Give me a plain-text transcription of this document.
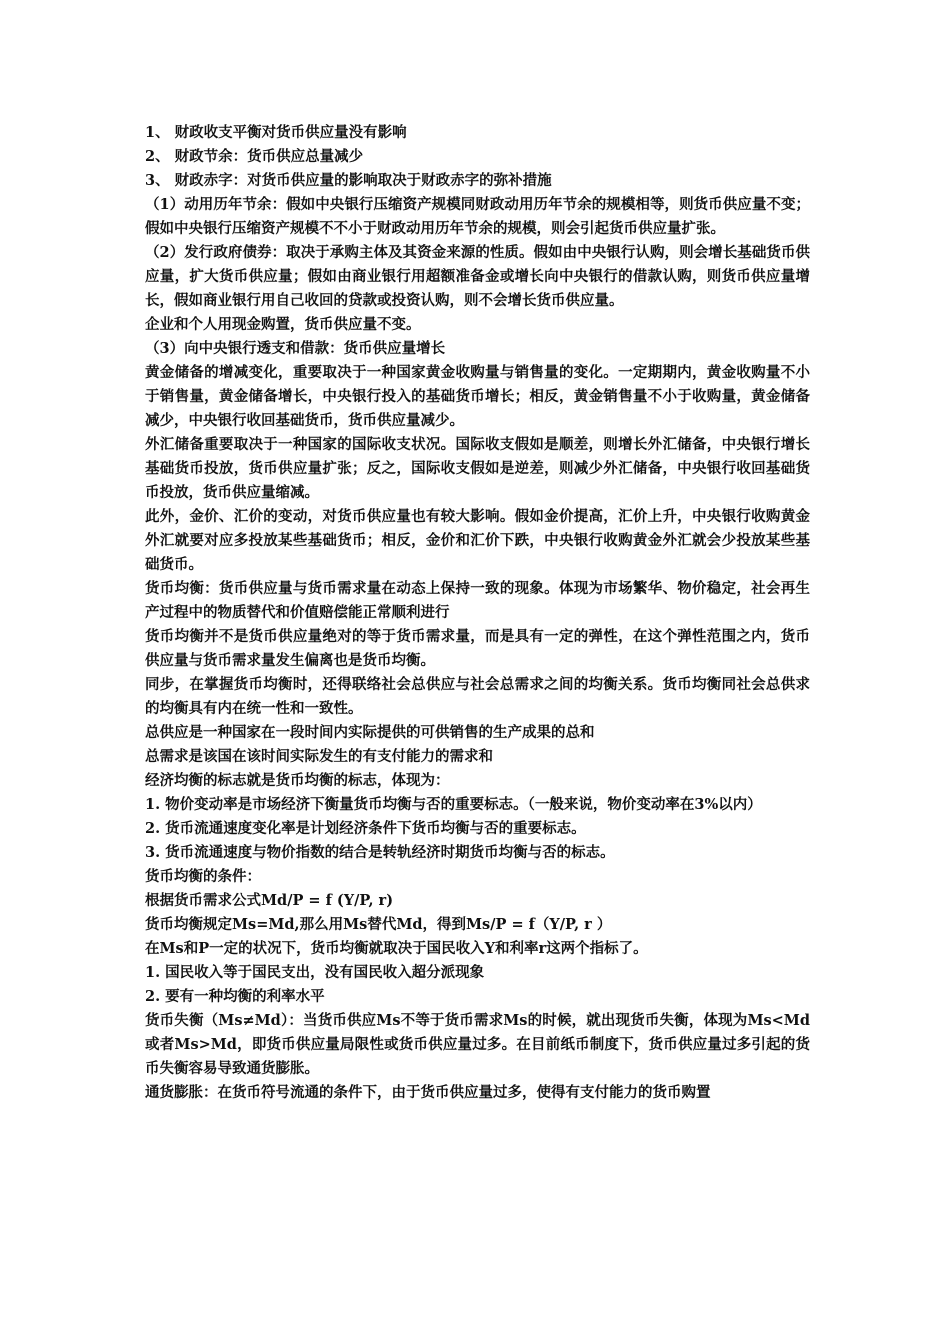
1、 财政收支平衡对货币供应量没有影响

2、 财政节余：货币供应总量减少

3、 财政赤字：对货币供应量的影响取决于财政赤字的弥补措施

（1）动用历年节余：假如中央银行压缩资产规模同财政动用历年节余的规模相等，则货币供应量不变；假如中央银行压缩资产规模不不小于财政动用历年节余的规模，则会引起货币供应量扩张。

（2）发行政府债券：取决于承购主体及其资金来源的性质。假如由中央银行认购，则会增长基础货币供应量，扩大货币供应量；假如由商业银行用超额准备金或增长向中央银行的借款认购，则货币供应量增长，假如商业银行用自己收回的贷款或投资认购，则不会增长货币供应量。

企业和个人用现金购置，货币供应量不变。

（3）向中央银行透支和借款：货币供应量增长

黄金储备的增减变化，重要取决于一种国家黄金收购量与销售量的变化。一定期期内，黄金收购量不小于销售量，黄金储备增长，中央银行投入的基础货币增长；相反，黄金销售量不小于收购量，黄金储备减少，中央银行收回基础货币，货币供应量减少。

外汇储备重要取决于一种国家的国际收支状况。国际收支假如是顺差，则增长外汇储备，中央银行增长基础货币投放，货币供应量扩张；反之，国际收支假如是逆差，则减少外汇储备，中央银行收回基础货币投放，货币供应量缩减。

此外，金价、汇价的变动，对货币供应量也有较大影响。假如金价提高，汇价上升，中央银行收购黄金外汇就要对应多投放某些基础货币；相反，金价和汇价下跌，中央银行收购黄金外汇就会少投放某些基础货币。

货币均衡：货币供应量与货币需求量在动态上保持一致的现象。体现为市场繁华、物价稳定，社会再生产过程中的物质替代和价值赔偿能正常顺利进行

货币均衡并不是货币供应量绝对的等于货币需求量，而是具有一定的弹性，在这个弹性范围之内，货币供应量与货币需求量发生偏离也是货币均衡。

同步，在掌握货币均衡时，还得联络社会总供应与社会总需求之间的均衡关系。货币均衡同社会总供求的均衡具有内在统一性和一致性。

总供应是一种国家在一段时间内实际提供的可供销售的生产成果的总和

总需求是该国在该时间实际发生的有支付能力的需求和

经济均衡的标志就是货币均衡的标志，体现为：

1. 物价变动率是市场经济下衡量货币均衡与否的重要标志。（一般来说，物价变动率在3%以内）

2. 货币流通速度变化率是计划经济条件下货币均衡与否的重要标志。

3. 货币流通速度与物价指数的结合是转轨经济时期货币均衡与否的标志。

货币均衡的条件：

根据货币需求公式Md/P = f (Y/P, r)

货币均衡规定Ms=Md,那么用Ms替代Md，得到Ms/P = f（Y/P, r ）

在Ms和P一定的状况下，货币均衡就取决于国民收入Y和利率r这两个指标了。

1. 国民收入等于国民支出，没有国民收入超分派现象

2. 要有一种均衡的利率水平

货币失衡（Ms≠Md）：当货币供应Ms不等于货币需求Ms的时候，就出现货币失衡，体现为Ms<Md或者Ms>Md，即货币供应量局限性或货币供应量过多。在目前纸币制度下，货币供应量过多引起的货币失衡容易导致通货膨胀。

通货膨胀：在货币符号流通的条件下，由于货币供应量过多，使得有支付能力的货币购置
